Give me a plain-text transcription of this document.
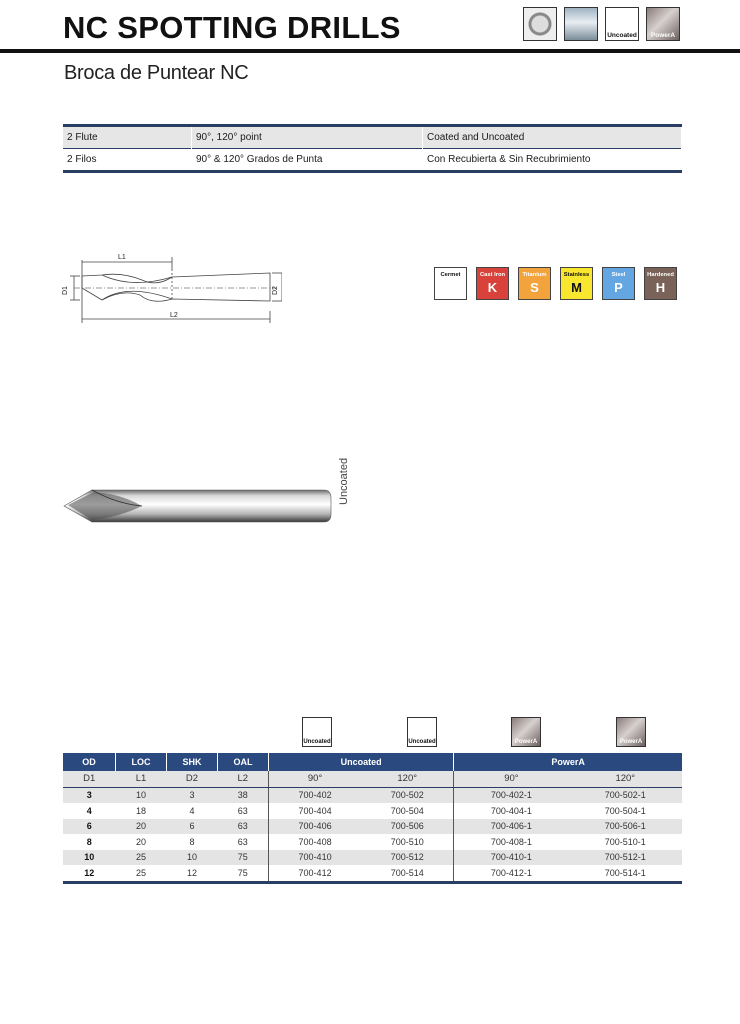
NC SPOTTING DRILLS
Broca de Puntear NC
Uncoated	PowerA
2 Flute	90°, 120° point	Coated and Uncoated
2 Filos	90° & 120° Grados de Punta	Con Recubierta & Sin Recubrimiento
L1
L2
D1	D2
Cermet	Cast Iron
K
Titanium
S
Stainless
M
Steel
P
Hardened
H
Uncoated
Uncoated	Uncoated	PowerA	PowerA
OD	LOC	SHK	OAL	Uncoated		PowerA	
D1	L1	D2	L2	90°	120°	90°	120°
3	10	3	38	700-402	700-502	700-402-1	700-502-1
4	18	4	63	700-404	700-504	700-404-1	700-504-1
6	20	6	63	700-406	700-506	700-406-1	700-506-1
8	20	8	63	700-408	700-510	700-408-1	700-510-1
10	25	10	75	700-410	700-512	700-410-1	700-512-1
12	25	12	75	700-412	700-514	700-412-1	700-514-1
